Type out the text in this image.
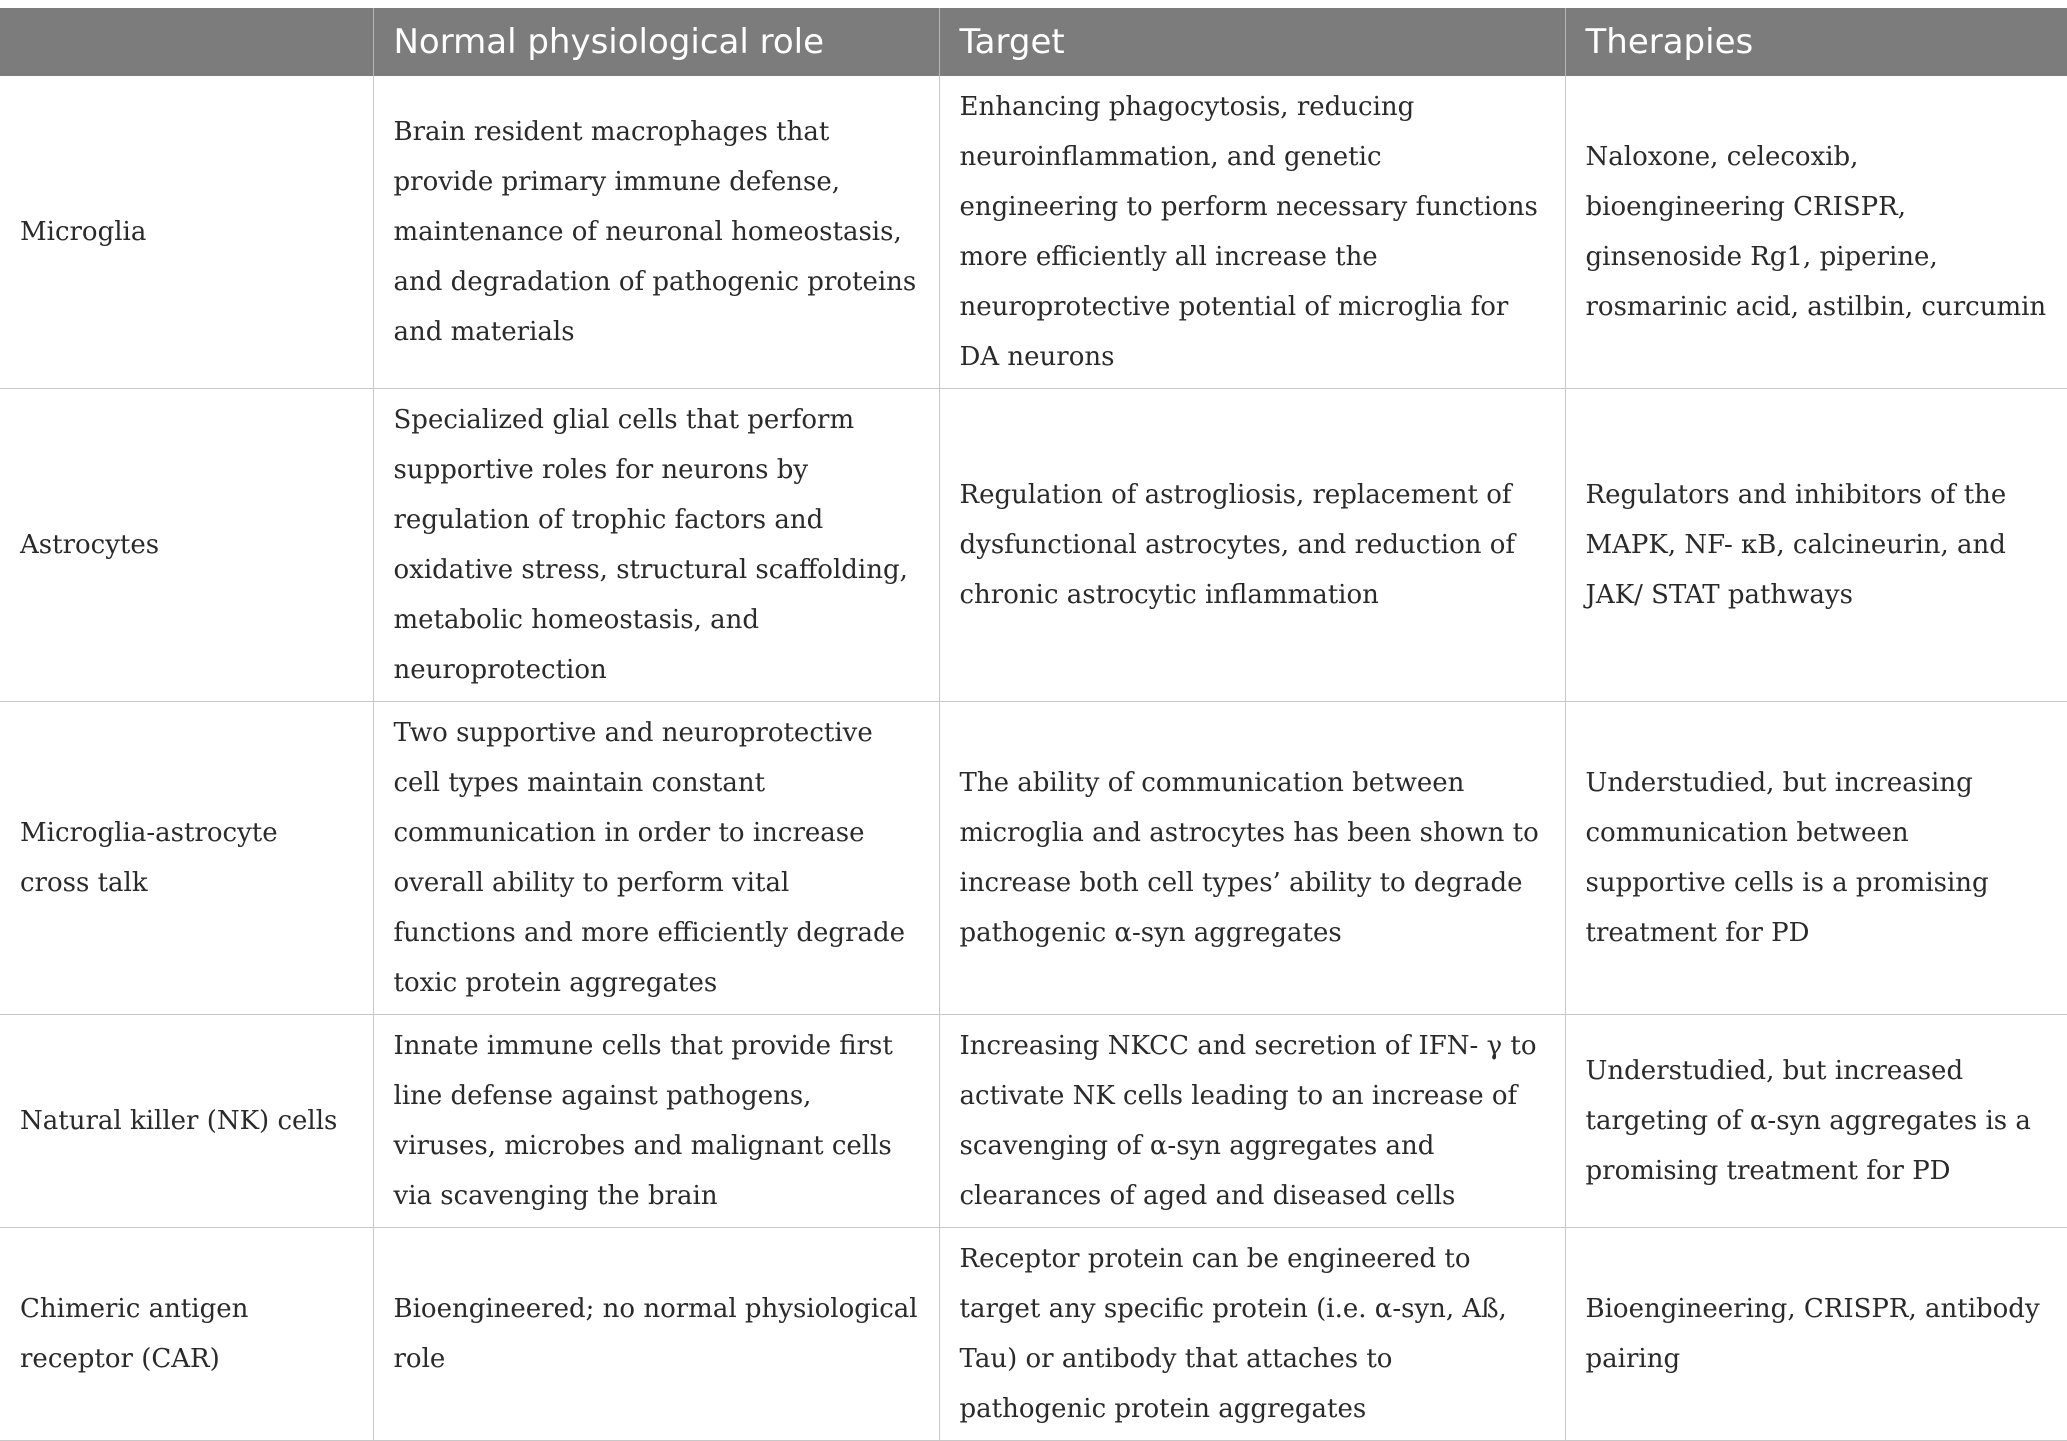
	Normal physiological role	Target	Therapies
Microglia	Brain resident macrophages that provide primary immune defense, maintenance of neuronal homeostasis, and degradation of pathogenic proteins and materials	Enhancing phagocytosis, reducing neuroinflammation, and genetic engineering to perform necessary functions more efficiently all increase the neuroprotective potential of microglia for DA neurons	Naloxone, celecoxib, bioengineering CRISPR, ginsenoside Rg1, piperine, rosmarinic acid, astilbin, curcumin
Astrocytes	Specialized glial cells that perform supportive roles for neurons by regulation of trophic factors and oxidative stress, structural scaffolding, metabolic homeostasis, and neuroprotection	Regulation of astrogliosis, replacement of dysfunctional astrocytes, and reduction of chronic astrocytic inflammation	Regulators and inhibitors of the MAPK, NF- κB, calcineurin, and JAK/ STAT pathways
Microglia-astrocyte cross talk	Two supportive and neuroprotective cell types maintain constant communication in order to increase overall ability to perform vital functions and more efficiently degrade toxic protein aggregates	The ability of communication between microglia and astrocytes has been shown to increase both cell types’ ability to degrade pathogenic α-syn aggregates	Understudied, but increasing communication between supportive cells is a promising treatment for PD
Natural killer (NK) cells	Innate immune cells that provide first line defense against pathogens, viruses, microbes and malignant cells via scavenging the brain	Increasing NKCC and secretion of IFN- γ to activate NK cells leading to an increase of scavenging of α-syn aggregates and clearances of aged and diseased cells	Understudied, but increased targeting of α-syn aggregates is a promising treatment for PD
Chimeric antigen receptor (CAR)	Bioengineered; no normal physiological role	Receptor protein can be engineered to target any specific protein (i.e. α-syn, Aß, Tau) or antibody that attaches to pathogenic protein aggregates	Bioengineering, CRISPR, antibody pairing
